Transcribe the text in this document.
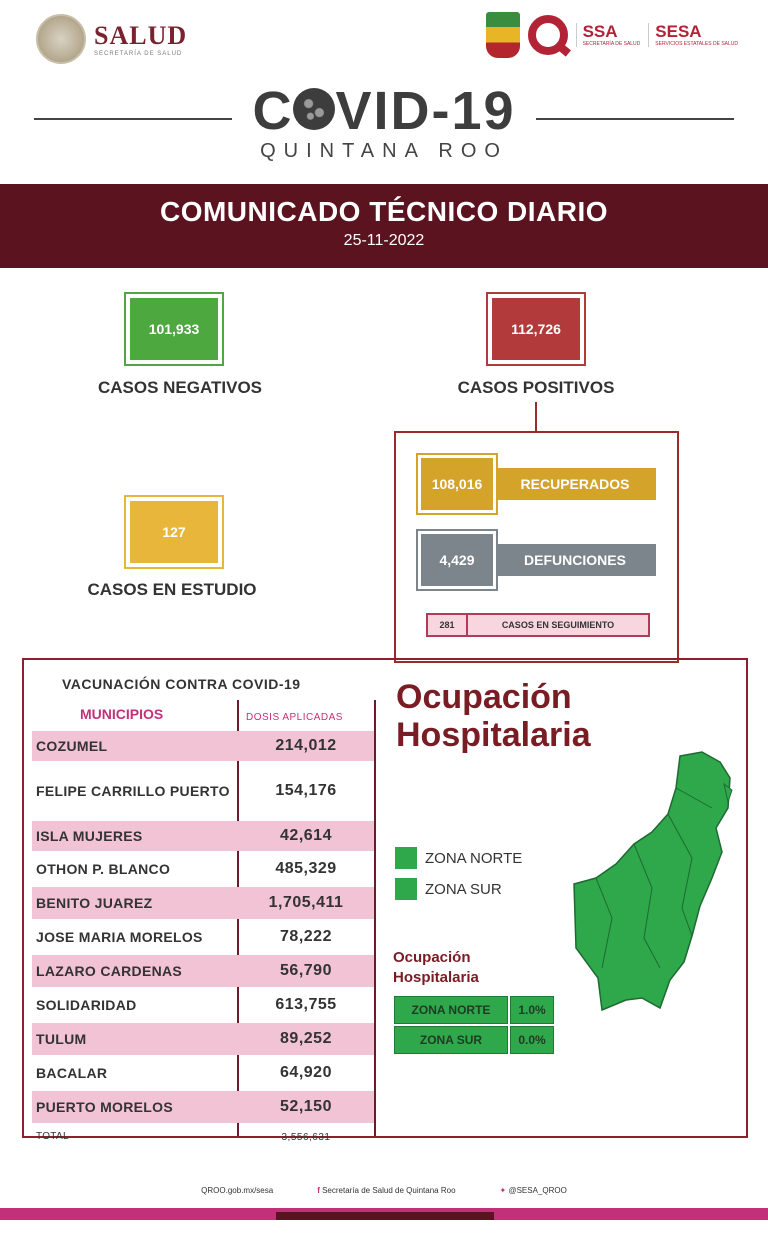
SALUD
SECRETARÍA DE SALUD
SSA
SECRETARÍA DE SALUD
SESA
SERVICIOS ESTATALES DE SALUD
C VID-19
QUINTANA ROO
COMUNICADO TÉCNICO DIARIO
25-11-2022
101,933
CASOS NEGATIVOS
112,726
CASOS POSITIVOS
127
CASOS EN ESTUDIO
108,016	RECUPERADOS
4,429	DEFUNCIONES
281	CASOS EN SEGUIMIENTO
VACUNACIÓN CONTRA COVID-19
MUNICIPIOS	DOSIS APLICADAS
COZUMEL	214,012
FELIPE CARRILLO PUERTO	154,176
ISLA MUJERES	42,614
OTHON P. BLANCO	485,329
BENITO JUAREZ	1,705,411
JOSE MARIA MORELOS	78,222
LAZARO CARDENAS	56,790
SOLIDARIDAD	613,755
TULUM	89,252
BACALAR	64,920
PUERTO MORELOS	52,150
TOTAL	3,556,631
Ocupación
Hospitalaria
ZONA NORTE
ZONA SUR
Ocupación
Hospitalaria
ZONA NORTE	1.0%
ZONA SUR	0.0%
QROO.gob.mx/sesa	f Secretaría de Salud de Quintana Roo	✦ @SESA_QROO
